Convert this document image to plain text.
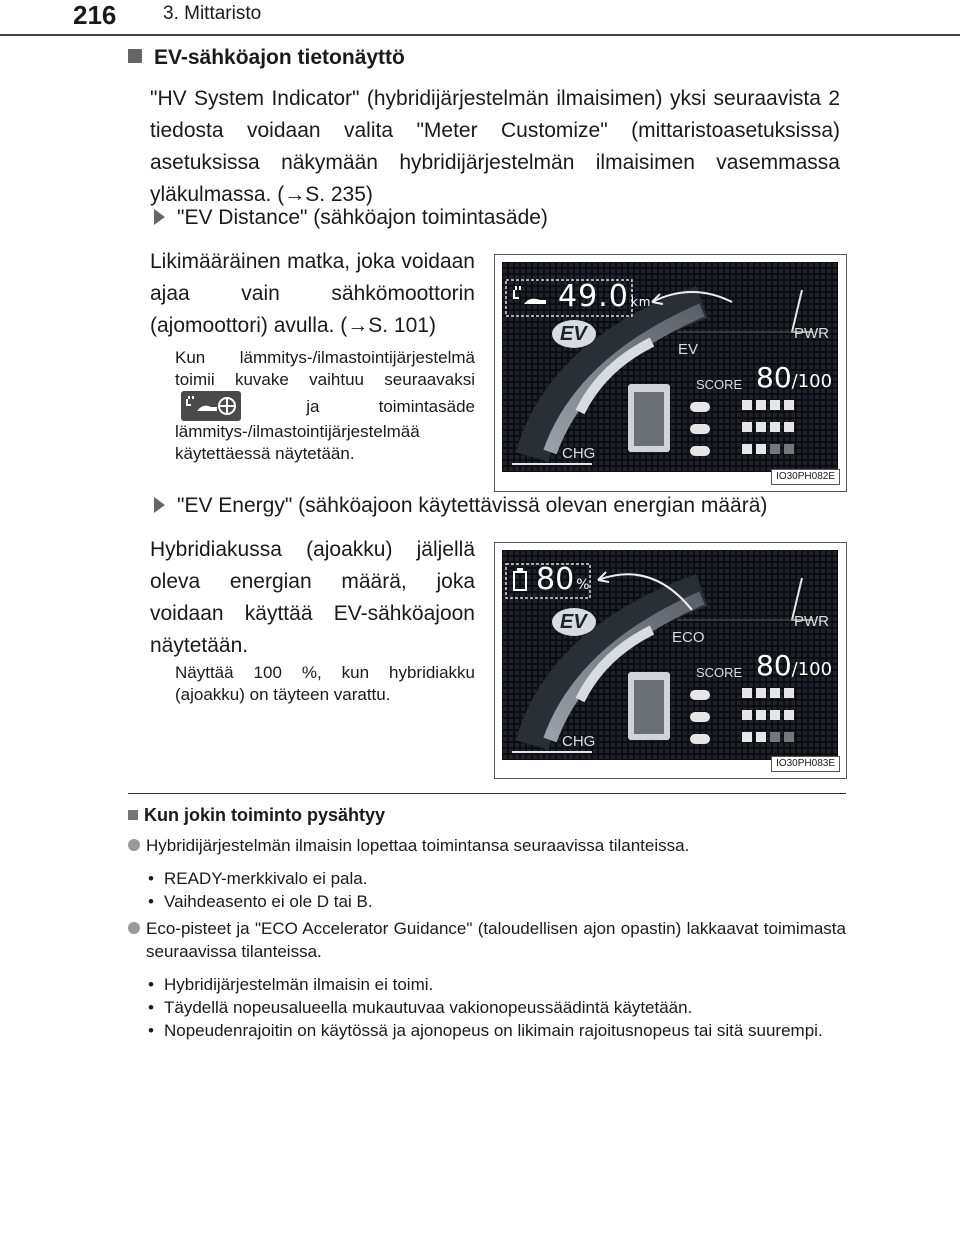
216 3. Mittaristo
EV-sähköajon tietonäyttö
"HV System Indicator" (hybridijärjestelmän ilmaisimen) yksi seuraavista 2 tiedosta voidaan valita "Meter Customize" (mittaristoasetuksissa) asetuksissa näkymään hybridijärjestelmän ilmaisimen vasemmassa yläkulmassa. (→S. 235)
"EV Distance" (sähköajon toimintasäde)
Likimääräinen matka, joka voidaan ajaa vain sähkömoottorin (ajomoottori) avulla. (→S. 101)
Kun lämmitys-/ilmastointijärjestelmä toimii kuvake vaihtuu seuraavaksi  ja toimintasäde lämmitys-/ilmastointijärjestelmää käytettäessä näytetään.
49.0 km
EV
EV
PWR
CHG
SCORE 80/100
IO30PH082E
"EV Energy" (sähköajoon käytettävissä olevan energian määrä)
Hybridiakussa (ajoakku) jäljellä oleva energian määrä, joka voidaan käyttää EV-sähköajoon näytetään.
Näyttää 100 %, kun hybridiakku (ajoakku) on täyteen varattu.
80 %
EV
ECO
PWR
CHG
SCORE 80/100
IO30PH083E
Kun jokin toiminto pysähtyy
Hybridijärjestelmän ilmaisin lopettaa toimintansa seuraavissa tilanteissa.
• READY-merkkivalo ei pala.
• Vaihdeasento ei ole D tai B.
Eco-pisteet ja "ECO Accelerator Guidance" (taloudellisen ajon opastin) lakkaavat toimimasta seuraavissa tilanteissa.
• Hybridijärjestelmän ilmaisin ei toimi.
• Täydellä nopeusalueella mukautuvaa vakionopeussäädintä käytetään.
• Nopeudenrajoitin on käytössä ja ajonopeus on likimain rajoitusnopeus tai sitä suurempi.
